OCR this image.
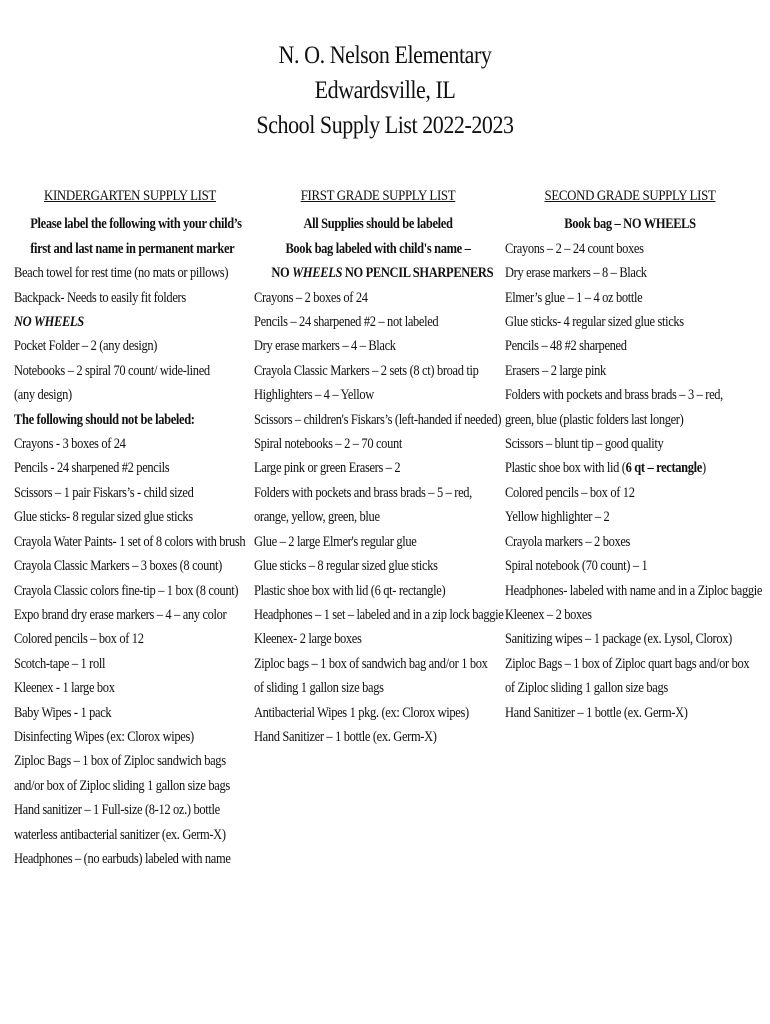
N. O. Nelson Elementary
Edwardsville, IL
School Supply List 2022-2023
KINDERGARTEN SUPPLY LIST
Please label the following with your child’s
first and last name in permanent marker
Beach towel for rest time (no mats or pillows)
Backpack- Needs to easily fit folders
NO WHEELS
Pocket Folder – 2 (any design)
Notebooks – 2 spiral 70 count/ wide-lined
(any design)
The following should not be labeled:
Crayons - 3 boxes of 24
Pencils - 24 sharpened #2 pencils
Scissors – 1 pair Fiskars’s - child sized
Glue sticks- 8 regular sized glue sticks
Crayola Water Paints- 1 set of 8 colors with brush
Crayola Classic Markers – 3 boxes (8 count)
Crayola Classic colors fine-tip – 1 box (8 count)
Expo brand dry erase markers – 4 – any color
Colored pencils – box of 12
Scotch-tape – 1 roll
Kleenex - 1 large box
Baby Wipes - 1 pack
Disinfecting Wipes (ex: Clorox wipes)
Ziploc Bags – 1 box of Ziploc sandwich bags
and/or box of Ziploc sliding 1 gallon size bags
Hand sanitizer – 1 Full-size (8-12 oz.) bottle
waterless antibacterial sanitizer (ex. Germ-X)
Headphones – (no earbuds) labeled with name
FIRST GRADE SUPPLY LIST
All Supplies should be labeled
Book bag labeled with child's name –
NO WHEELS NO PENCIL SHARPENERS
Crayons – 2 boxes of 24
Pencils – 24 sharpened #2 – not labeled
Dry erase markers – 4 – Black
Crayola Classic Markers – 2 sets (8 ct) broad tip
Highlighters – 4 – Yellow
Scissors – children's Fiskars’s (left-handed if needed)
Spiral notebooks – 2 – 70 count
Large pink or green Erasers – 2
Folders with pockets and brass brads – 5 – red,
orange, yellow, green, blue
Glue – 2 large Elmer's regular glue
Glue sticks – 8 regular sized glue sticks
Plastic shoe box with lid (6 qt- rectangle)
Headphones – 1 set – labeled and in a zip lock baggie
Kleenex- 2 large boxes
Ziploc bags – 1 box of sandwich bag and/or 1 box
of sliding 1 gallon size bags
Antibacterial Wipes 1 pkg. (ex: Clorox wipes)
Hand Sanitizer – 1 bottle (ex. Germ-X)
SECOND GRADE SUPPLY LIST
Book bag – NO WHEELS
Crayons – 2 – 24 count boxes
Dry erase markers – 8 – Black
Elmer’s glue – 1 – 4 oz bottle
Glue sticks- 4 regular sized glue sticks
Pencils – 48 #2 sharpened
Erasers – 2 large pink
Folders with pockets and brass brads – 3 – red,
green, blue (plastic folders last longer)
Scissors – blunt tip – good quality
Plastic shoe box with lid (6 qt – rectangle)
Colored pencils – box of 12
Yellow highlighter – 2
Crayola markers – 2 boxes
Spiral notebook (70 count) – 1
Headphones- labeled with name and in a Ziploc baggie
Kleenex – 2 boxes
Sanitizing wipes – 1 package (ex. Lysol, Clorox)
Ziploc Bags – 1 box of Ziploc quart bags and/or box
of Ziploc sliding 1 gallon size bags
Hand Sanitizer – 1 bottle (ex. Germ-X)
